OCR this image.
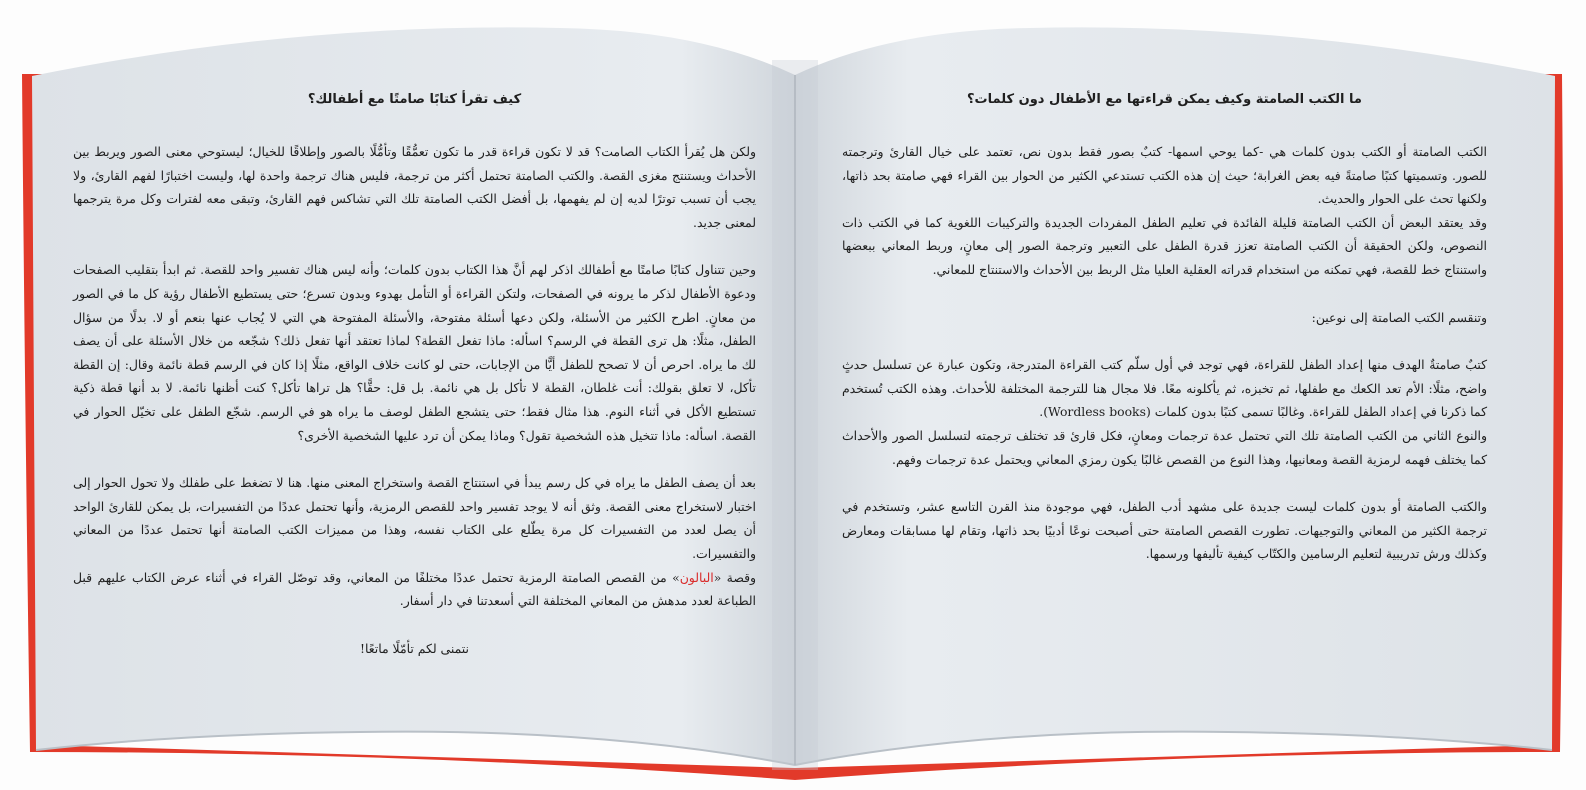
ما الكتب الصامتة وكيف يمكن قراءتها مع الأطفال دون كلمات؟

الكتب الصامتة أو الكتب بدون كلمات هي -كما يوحي اسمها- كتبٌ بصور فقط بدون نص، تعتمد على خيال القارئ وترجمته للصور. وتسميتها كتبًا صامتةً فيه بعض الغرابة؛ حيث إن هذه الكتب تستدعي الكثير من الحوار بين القراء فهي صامتة بحد ذاتها، ولكنها تحث على الحوار والحديث.

وقد يعتقد البعض أن الكتب الصامتة قليلة الفائدة في تعليم الطفل المفردات الجديدة والتركيبات اللغوية كما في الكتب ذات النصوص، ولكن الحقيقة أن الكتب الصامتة تعزز قدرة الطفل على التعبير وترجمة الصور إلى معانٍ، وربط المعاني ببعضها واستنتاج خط للقصة، فهي تمكنه من استخدام قدراته العقلية العليا مثل الربط بين الأحداث والاستنتاج للمعاني.

وتنقسم الكتب الصامتة إلى نوعين:

كتبٌ صامتةٌ الهدف منها إعداد الطفل للقراءة، فهي توجد في أول سلّم كتب القراءة المتدرجة، وتكون عبارة عن تسلسل حدثٍ واضح، مثلًا: الأم تعد الكعك مع طفلها، ثم تخبزه، ثم يأكلونه معًا. فلا مجال هنا للترجمة المختلفة للأحداث. وهذه الكتب تُستخدم كما ذكرنا في إعداد الطفل للقراءة. وغالبًا تسمى كتبًا بدون كلمات (Wordless books).

والنوع الثاني من الكتب الصامتة تلك التي تحتمل عدة ترجمات ومعانٍ، فكل قارئ قد تختلف ترجمته لتسلسل الصور والأحداث كما يختلف فهمه لرمزية القصة ومعانيها، وهذا النوع من القصص غالبًا يكون رمزي المعاني ويحتمل عدة ترجمات وفهم.

والكتب الصامتة أو بدون كلمات ليست جديدة على مشهد أدب الطفل، فهي موجودة منذ القرن التاسع عشر، وتستخدم في ترجمة الكثير من المعاني والتوجيهات. تطورت القصص الصامتة حتى أصبحت نوعًا أدبيًا بحد ذاتها، وتقام لها مسابقات ومعارض وكذلك ورش تدريبية لتعليم الرسامين والكتّاب كيفية تأليفها ورسمها.

كيف تقرأ كتابًا صامتًا مع أطفالك؟

ولكن هل يُقرأ الكتاب الصامت؟ قد لا تكون قراءة قدر ما تكون تعمُّقًا وتأمُّلًا بالصور وإطلاقًا للخيال؛ ليستوحي معنى الصور ويربط بين الأحداث ويستنتج مغزى القصة. والكتب الصامتة تحتمل أكثر من ترجمة، فليس هناك ترجمة واحدة لها، وليست اختبارًا لفهم القارئ، ولا يجب أن تسبب توترًا لديه إن لم يفهمها، بل أفضل الكتب الصامتة تلك التي تشاكس فهم القارئ، وتبقى معه لفترات وكل مرة يترجمها لمعنى جديد.

وحين تتناول كتابًا صامتًا مع أطفالك اذكر لهم أنَّ هذا الكتاب بدون كلمات؛ وأنه ليس هناك تفسير واحد للقصة. ثم ابدأ بتقليب الصفحات ودعوة الأطفال لذكر ما يرونه في الصفحات، ولتكن القراءة أو التأمل بهدوء وبدون تسرع؛ حتى يستطيع الأطفال رؤية كل ما في الصور من معانٍ. اطرح الكثير من الأسئلة، ولكن دعها أسئلة مفتوحة، والأسئلة المفتوحة هي التي لا يُجاب عنها بنعم أو لا. بدلًا من سؤال الطفل، مثلًا: هل ترى القطة في الرسم؟ اسأله: ماذا تفعل القطة؟ لماذا تعتقد أنها تفعل ذلك؟ شجّعه من خلال الأسئلة على أن يصف لك ما يراه. احرص أن لا تصحح للطفل أيًّا من الإجابات، حتى لو كانت خلاف الواقع، مثلًا إذا كان في الرسم قطة نائمة وقال: إن القطة تأكل، لا تعلق بقولك: أنت غلطان، القطة لا تأكل بل هي نائمة. بل قل: حقًّا؟ هل تراها تأكل؟ كنت أظنها نائمة. لا بد أنها قطة ذكية تستطيع الأكل في أثناء النوم. هذا مثال فقط؛ حتى يتشجع الطفل لوصف ما يراه هو في الرسم. شجّع الطفل على تخيّل الحوار في القصة. اسأله: ماذا تتخيل هذه الشخصية تقول؟ وماذا يمكن أن ترد عليها الشخصية الأخرى؟

بعد أن يصف الطفل ما يراه في كل رسم يبدأ في استنتاج القصة واستخراج المعنى منها. هنا لا تضغط على طفلك ولا تحول الحوار إلى اختبار لاستخراج معنى القصة. وثق أنه لا يوجد تفسير واحد للقصص الرمزية، وأنها تحتمل عددًا من التفسيرات، بل يمكن للقارئ الواحد أن يصل لعدد من التفسيرات كل مرة يطّلع على الكتاب نفسه، وهذا من مميزات الكتب الصامتة أنها تحتمل عددًا من المعاني والتفسيرات.

وقصة «البالون» من القصص الصامتة الرمزية تحتمل عددًا مختلفًا من المعاني، وقد توصّل القراء في أثناء عرض الكتاب عليهم قبل الطباعة لعدد مدهش من المعاني المختلفة التي أسعدتنا في دار أسفار.

نتمنى لكم تأمّلًا ماتعًا!
